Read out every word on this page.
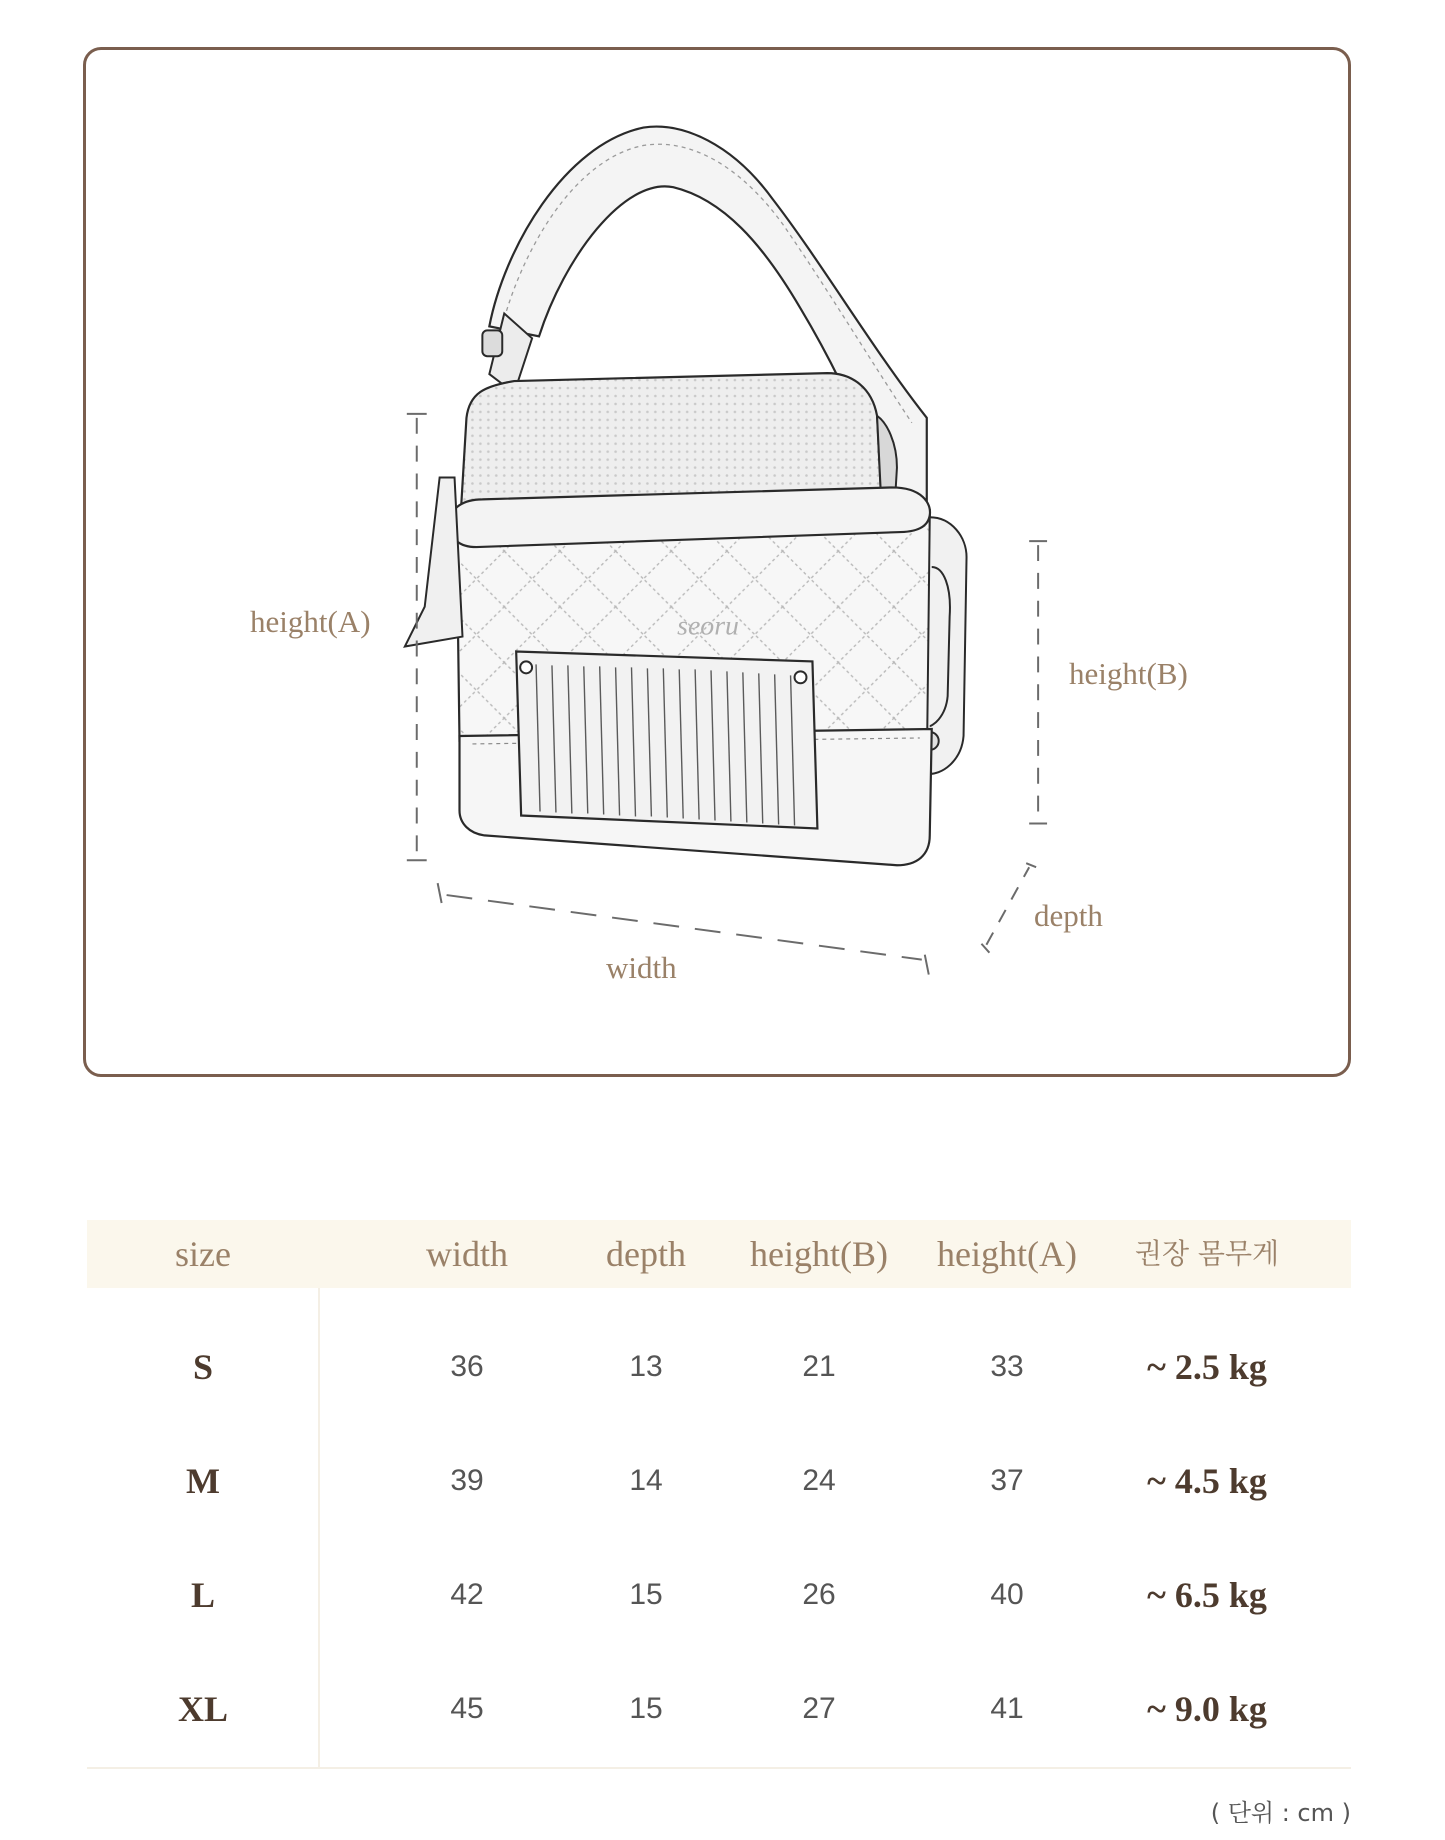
seoru
height(A)
height(B)
depth
width
size	width	depth	height(B)	height(A)	권장 몸무게
S	36	13	21	33	~ 2.5 kg
M	39	14	24	37	~ 4.5 kg
L	42	15	26	40	~ 6.5 kg
XL	45	15	27	41	~ 9.0 kg
( 단위 : cm )
